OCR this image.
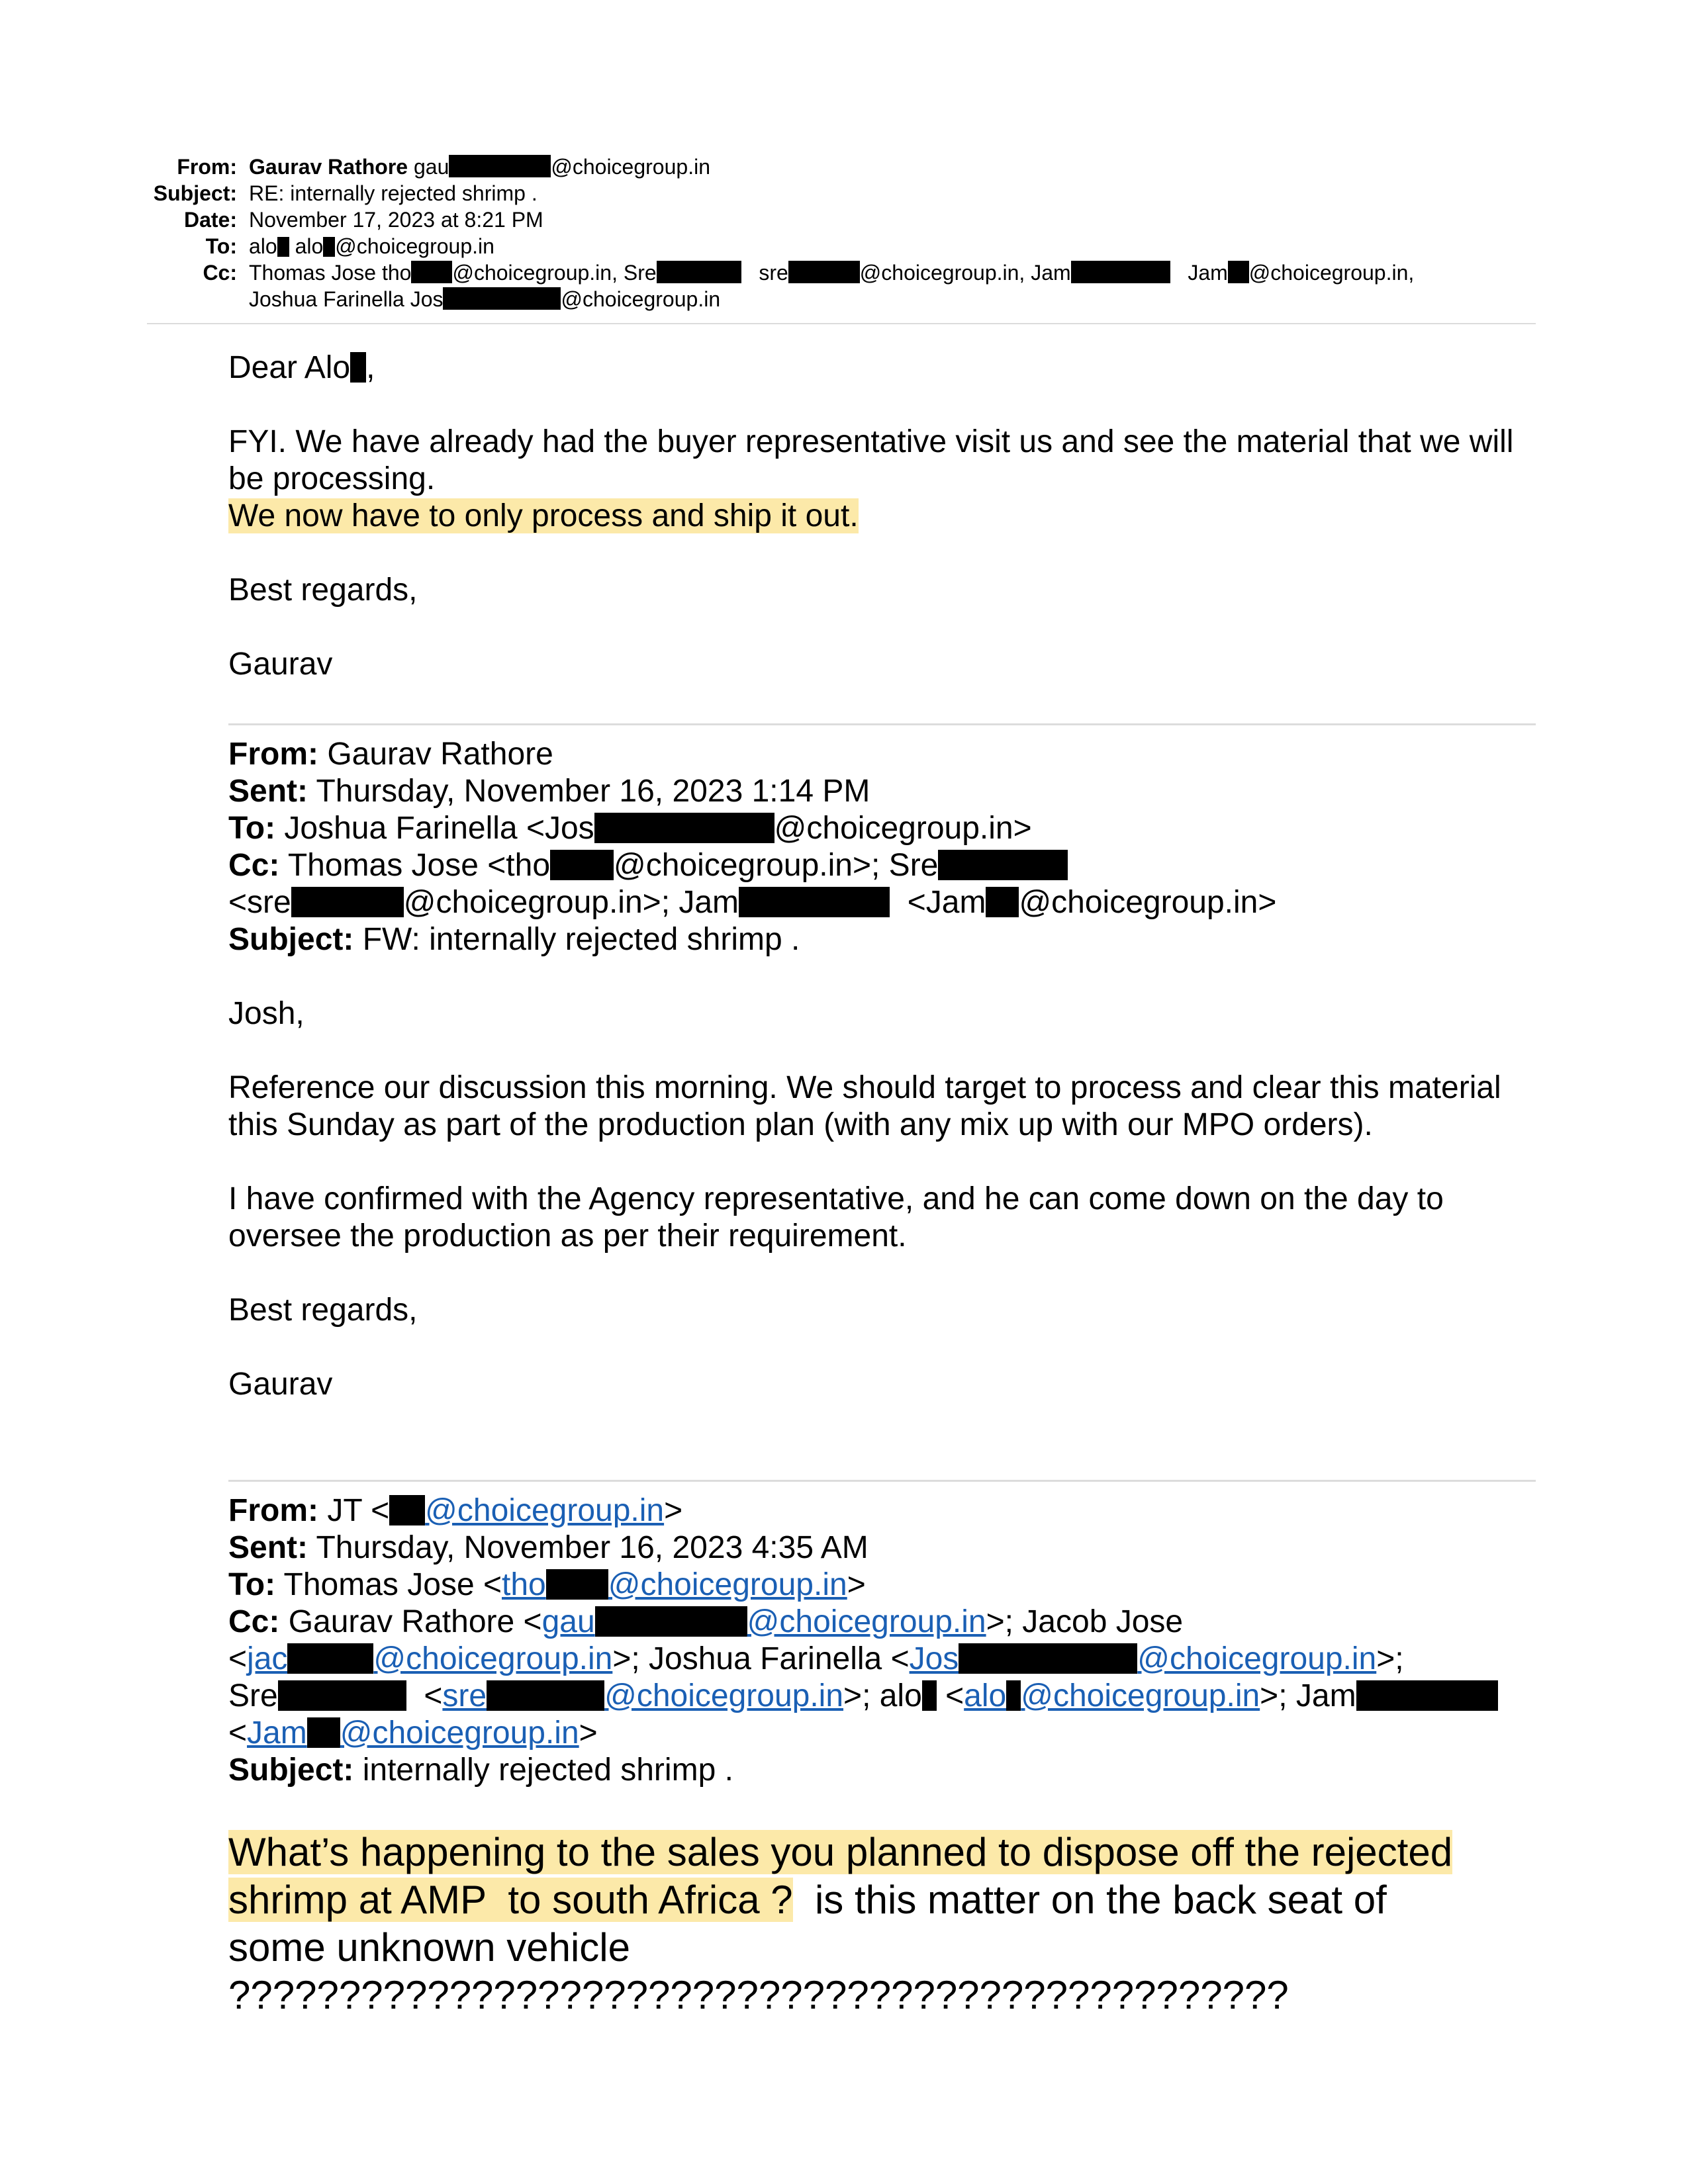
From: Gaurav Rathore gau	@choicegroup.in
Subject: RE: internally rejected shrimp .
Date: November 17, 2023 at 8:21 PM
To: alo alo @choicegroup.in
Cc: Thomas Jose tho @choicegroup.in, Sre	sre	@choicegroup.in, Jam	Jam @choicegroup.in,
Joshua Farinella Jos	@choicegroup.in

Dear Alo ,

FYI. We have already had the buyer representative visit us and see the material that we will be processing.

We now have to only process and ship it out.

Best regards,

Gaurav

From: Gaurav Rathore

Sent: Thursday, November 16, 2023 1:14 PM

To: Joshua Farinella <Jos	@choicegroup.in>

Cc: Thomas Jose <tho @choicegroup.in>; Sre
<sre	@choicegroup.in>; Jam	<Jam @choicegroup.in>

Subject: FW: internally rejected shrimp .

Josh,

Reference our discussion this morning. We should target to process and clear this material this Sunday as part of the production plan (with any mix up with our MPO orders).

I have confirmed with the Agency representative, and he can come down on the day to oversee the production as per their requirement.

Best regards,

Gaurav

From: JT < @choicegroup.in>

Sent: Thursday, November 16, 2023 4:35 AM

To: Thomas Jose <tho @choicegroup.in>

Cc: Gaurav Rathore <gau	@choicegroup.in>; Jacob Jose
<jac	@choicegroup.in>; Joshua Farinella <Jos	@choicegroup.in>;
Sre	<sre	@choicegroup.in>; alo <alo @choicegroup.in>; Jam
<Jam @choicegroup.in>

Subject: internally rejected shrimp .

What’s happening to the sales you planned to dispose off the rejected
shrimp at AMP  to south Africa ?  is this matter on the back seat of
some unknown vehicle
????????????????????????????????????????????????
